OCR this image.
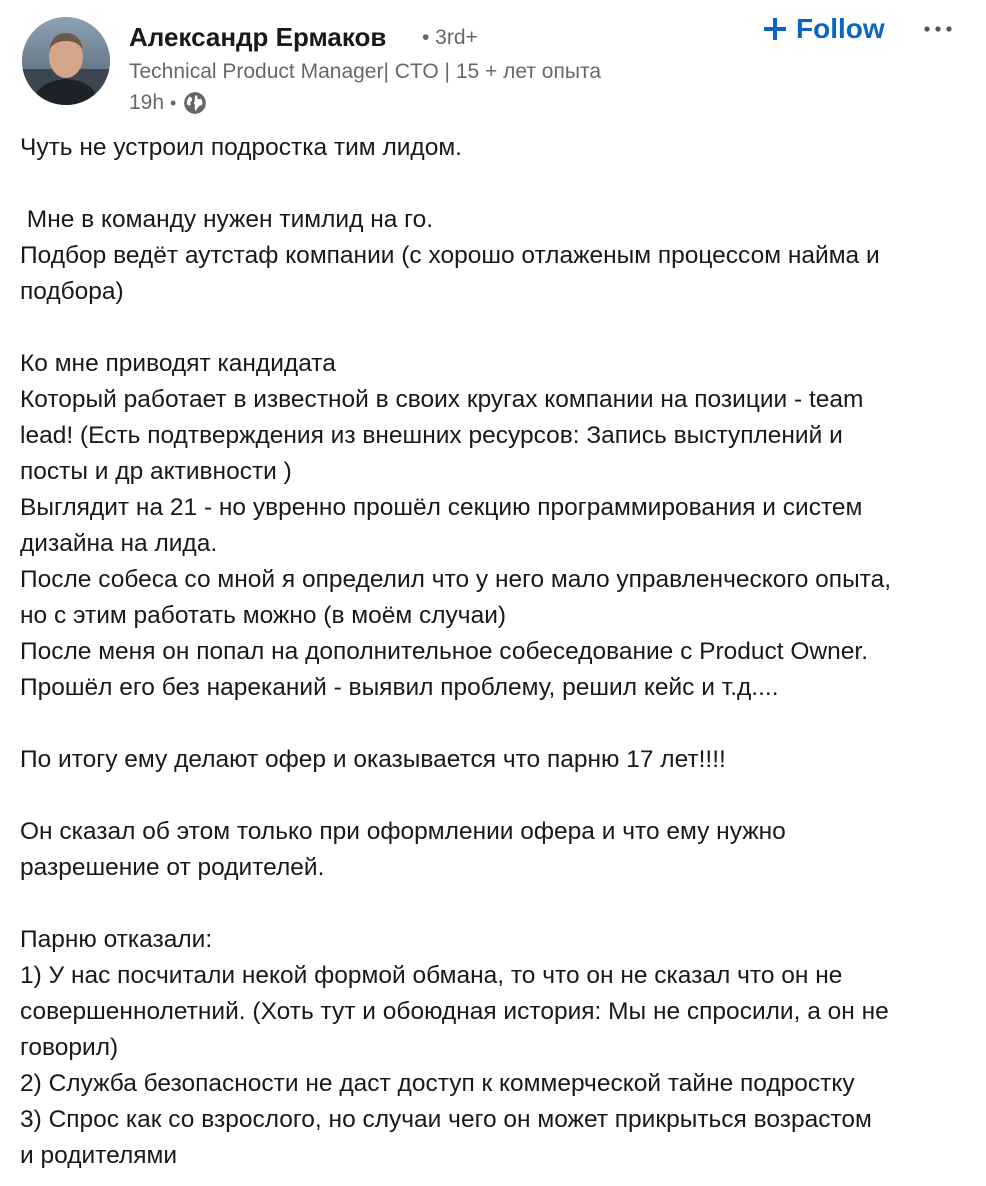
Александр Ермаков • 3rd+
Technical Product Manager| CTO | 15 + лет опыта
19h •
Follow
Чуть не устроил подростка тим лидом.
Мне в команду нужен тимлид на го.
Подбор ведёт аутстаф компании (с хорошо отлаженым процессом найма и
подбора)
Ко мне приводят кандидата
Который работает в известной в своих кругах компании на позиции - team
lead! (Есть подтверждения из внешних ресурсов: Запись выступлений и
посты и др активности )
Выглядит на 21 - но увренно прошёл секцию программирования и систем
дизайна на лида.
После собеса со мной я определил что у него мало управленческого опыта,
но с этим работать можно (в моём случаи)
После меня он попал на дополнительное собеседование с Product Owner.
Прошёл его без нареканий - выявил проблему, решил кейс и т.д....
По итогу ему делают офер и оказывается что парню 17 лет!!!!
Он сказал об этом только при оформлении офера и что ему нужно
разрешение от родителей.
Парню отказали:
1) У нас посчитали некой формой обмана, то что он не сказал что он не
совершеннолетний. (Хоть тут и обоюдная история: Мы не спросили, а он не
говорил)
2) Служба безопасности не даст доступ к коммерческой тайне подростку
3) Спрос как со взрослого, но случаи чего он может прикрыться возрастом
и родителями
